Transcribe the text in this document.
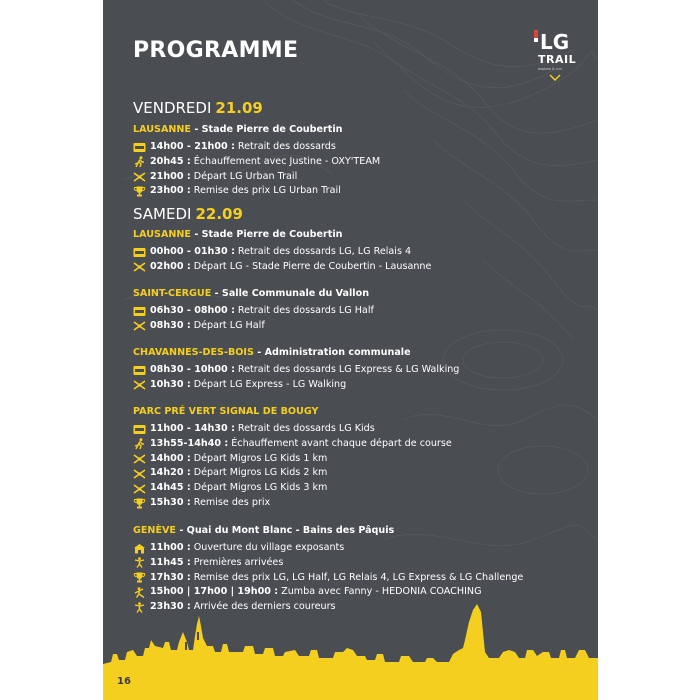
PROGRAMME	LG
TRAIL
explore & run
VENDREDI 21.09
LAUSANNE - Stade Pierre de Coubertin
14h00 - 21h00 : Retrait des dossards
20h45 : Échauffement avec Justine - OXY'TEAM
21h00 : Départ LG Urban Trail
23h00 : Remise des prix LG Urban Trail
LAUSANNE - Stade Pierre de Coubertin
00h00 - 01h30 : Retrait des dossards LG, LG Relais 4
02h00 : Départ LG - Stade Pierre de Coubertin - Lausanne
SAINT-CERGUE - Salle Communale du Vallon
06h30 - 08h00 : Retrait des dossards LG Half
08h30 : Départ LG Half
CHAVANNES-DES-BOIS - Administration communale
08h30 - 10h00 : Retrait des dossards LG Express & LG Walking
10h30 : Départ LG Express - LG Walking
PARC PRÉ VERT SIGNAL DE BOUGY
11h00 - 14h30 : Retrait des dossards LG Kids
13h55-14h40 : Échauffement avant chaque départ de course
14h00 : Départ Migros LG Kids 1 km
14h20 : Départ Migros LG Kids 2 km
14h45 : Départ Migros LG Kids 3 km
15h30 : Remise des prix
GENÈVE - Quai du Mont Blanc - Bains des Pâquis
11h00 : Ouverture du village exposants
11h45 : Premières arrivées
17h30 : Remise des prix LG, LG Half, LG Relais 4, LG Express & LG Challenge
15h00 | 17h00 | 19h00 : Zumba avec Fanny - HEDONIA COACHING
23h30 : Arrivée des derniers coureurs
SAMEDI 22.09
16
